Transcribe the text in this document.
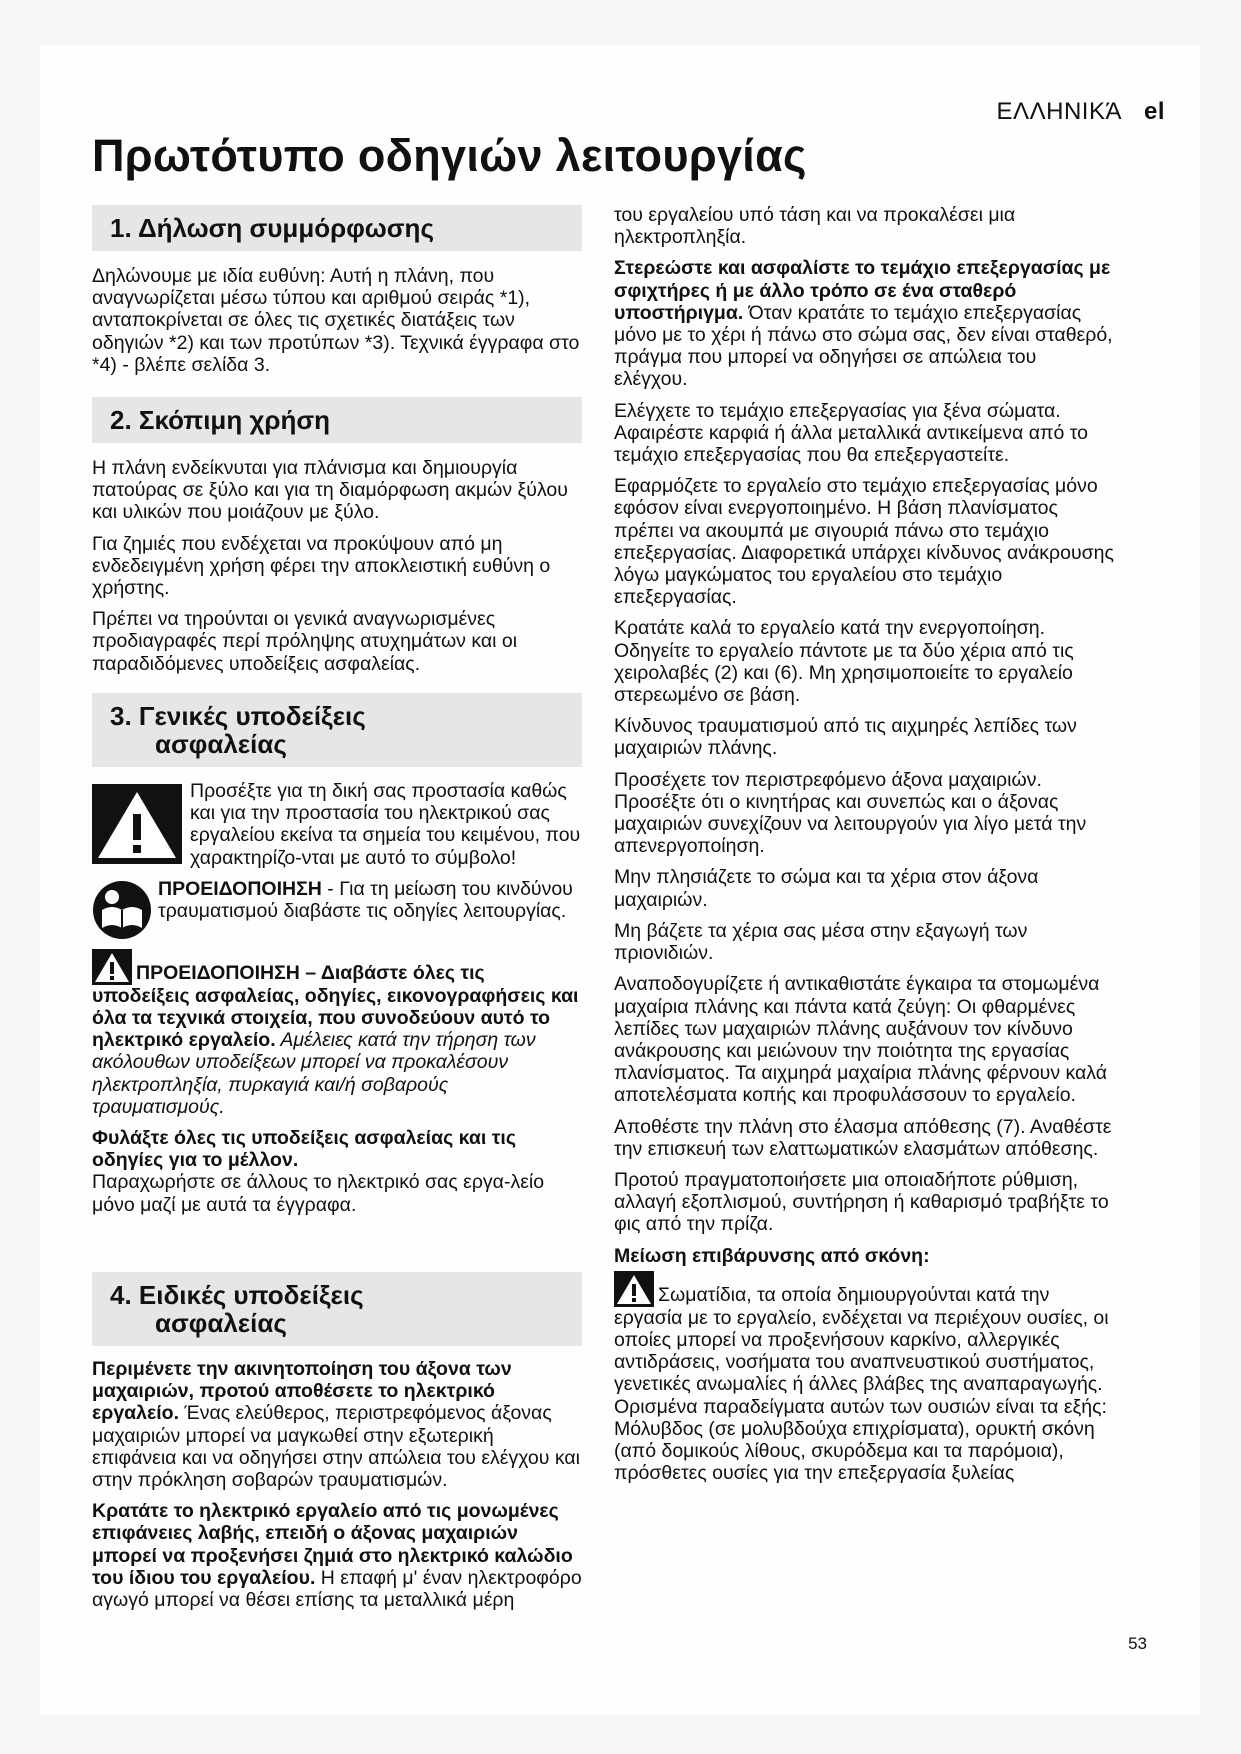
ΕΛΛΗΝΙΚΆ el
Πρωτότυπο οδηγιών λειτουργίας
1. Δήλωση συμμόρφωσης

Δηλώνουμε με ιδία ευθύνη: Αυτή η πλάνη, που αναγνωρίζεται μέσω τύπου και αριθμού σειράς *1), ανταποκρίνεται σε όλες τις σχετικές διατάξεις των οδηγιών *2) και των προτύπων *3). Τεχνικά έγγραφα στο *4) - βλέπε σελίδα 3.

2. Σκόπιμη χρήση

Η πλάνη ενδείκνυται για πλάνισμα και δημιουργία πατούρας σε ξύλο και για τη διαμόρφωση ακμών ξύλου και υλικών που μοιάζουν με ξύλο.

Για ζημιές που ενδέχεται να προκύψουν από μη ενδεδειγμένη χρήση φέρει την αποκλειστική ευθύνη ο χρήστης.

Πρέπει να τηρούνται οι γενικά αναγνωρισμένες προδιαγραφές περί πρόληψης ατυχημάτων και οι παραδιδόμενες υποδείξεις ασφαλείας.

3. Γενικές υποδείξεις
ασφαλείας

Προσέξτε για τη δική σας προστασία καθώς και για την προστασία του ηλεκτρικού σας εργαλείου εκείνα τα σημεία του κειμένου, που χαρακτηρίζο-νται με αυτό το σύμβολο!

ΠΡΟΕΙΔΟΠΟΙΗΣΗ - Για τη μείωση του κινδύνου τραυματισμού διαβάστε τις οδηγίες λειτουργίας.

ΠΡΟΕΙΔΟΠΟΙΗΣΗ – Διαβάστε όλες τις υποδείξεις ασφαλείας, οδηγίες, εικονογραφήσεις και όλα τα τεχνικά στοιχεία, που συνοδεύουν αυτό το ηλεκτρικό εργαλείο. Αμέλειες κατά την τήρηση των ακόλουθων υποδείξεων μπορεί να προκαλέσουν ηλεκτροπληξία, πυρκαγιά και/ή σοβαρούς τραυματισμούς.

Φυλάξτε όλες τις υποδείξεις ασφαλείας και τις οδηγίες για το μέλλον.
Παραχωρήστε σε άλλους το ηλεκτρικό σας εργα-λείο μόνο μαζί με αυτά τα έγγραφα.

4. Ειδικές υποδείξεις
ασφαλείας

Περιμένετε την ακινητοποίηση του άξονα των μαχαιριών, προτού αποθέσετε το ηλεκτρικό εργαλείο. Ένας ελεύθερος, περιστρεφόμενος άξονας μαχαιριών μπορεί να μαγκωθεί στην εξωτερική επιφάνεια και να οδηγήσει στην απώλεια του ελέγχου και στην πρόκληση σοβαρών τραυματισμών.

Κρατάτε το ηλεκτρικό εργαλείο από τις μονωμένες επιφάνειες λαβής, επειδή ο άξονας μαχαιριών μπορεί να προξενήσει ζημιά στο ηλεκτρικό καλώδιο του ίδιου του εργαλείου. Η επαφή μ' έναν ηλεκτροφόρο αγωγό μπορεί να θέσει επίσης τα μεταλλικά μέρη

του εργαλείου υπό τάση και να προκαλέσει μια ηλεκτροπληξία.

Στερεώστε και ασφαλίστε το τεμάχιο επεξεργασίας με σφιχτήρες ή με άλλο τρόπο σε ένα σταθερό υποστήριγμα. Όταν κρατάτε το τεμάχιο επεξεργασίας μόνο με το χέρι ή πάνω στο σώμα σας, δεν είναι σταθερό, πράγμα που μπορεί να οδηγήσει σε απώλεια του ελέγχου.

Ελέγχετε το τεμάχιο επεξεργασίας για ξένα σώματα. Αφαιρέστε καρφιά ή άλλα μεταλλικά αντικείμενα από το τεμάχιο επεξεργασίας που θα επεξεργαστείτε.

Εφαρμόζετε το εργαλείο στο τεμάχιο επεξεργασίας μόνο εφόσον είναι ενεργοποιημένο. Η βάση πλανίσματος πρέπει να ακουμπά με σιγουριά πάνω στο τεμάχιο επεξεργασίας. Διαφορετικά υπάρχει κίνδυνος ανάκρουσης λόγω μαγκώματος του εργαλείου στο τεμάχιο επεξεργασίας.

Κρατάτε καλά το εργαλείο κατά την ενεργοποίηση.
Οδηγείτε το εργαλείο πάντοτε με τα δύο χέρια από τις χειρολαβές (2) και (6). Μη χρησιμοποιείτε το εργαλείο στερεωμένο σε βάση.

Κίνδυνος τραυματισμού από τις αιχμηρές λεπίδες των μαχαιριών πλάνης.

Προσέχετε τον περιστρεφόμενο άξονα μαχαιριών. Προσέξτε ότι ο κινητήρας και συνεπώς και ο άξονας μαχαιριών συνεχίζουν να λειτουργούν για λίγο μετά την απενεργοποίηση.

Μην πλησιάζετε το σώμα και τα χέρια στον άξονα μαχαιριών.

Μη βάζετε τα χέρια σας μέσα στην εξαγωγή των πριονιδιών.

Αναποδογυρίζετε ή αντικαθιστάτε έγκαιρα τα στομωμένα μαχαίρια πλάνης και πάντα κατά ζεύγη: Οι φθαρμένες λεπίδες των μαχαιριών πλάνης αυξάνουν τον κίνδυνο ανάκρουσης και μειώνουν την ποιότητα της εργασίας πλανίσματος. Τα αιχμηρά μαχαίρια πλάνης φέρνουν καλά αποτελέσματα κοπής και προφυλάσσουν το εργαλείο.

Αποθέστε την πλάνη στο έλασμα απόθεσης (7). Αναθέστε την επισκευή των ελαττωματικών ελασμάτων απόθεσης.

Προτού πραγματοποιήσετε μια οποιαδήποτε ρύθμιση, αλλαγή εξοπλισμού, συντήρηση ή καθαρισμό τραβήξτε το φις από την πρίζα.

Μείωση επιβάρυνσης από σκόνη:

Σωματίδια, τα οποία δημιουργούνται κατά την εργασία με το εργαλείο, ενδέχεται να περιέχουν ουσίες, οι οποίες μπορεί να προξενήσουν καρκίνο, αλλεργικές αντιδράσεις, νοσήματα του αναπνευστικού συστήματος, γενετικές ανωμαλίες ή άλλες βλάβες της αναπαραγωγής. Ορισμένα παραδείγματα αυτών των ουσιών είναι τα εξής: Μόλυβδος (σε μολυβδούχα επιχρίσματα), ορυκτή σκόνη (από δομικούς λίθους, σκυρόδεμα και τα παρόμοια), πρόσθετες ουσίες για την επεξεργασία ξυλείας

53
